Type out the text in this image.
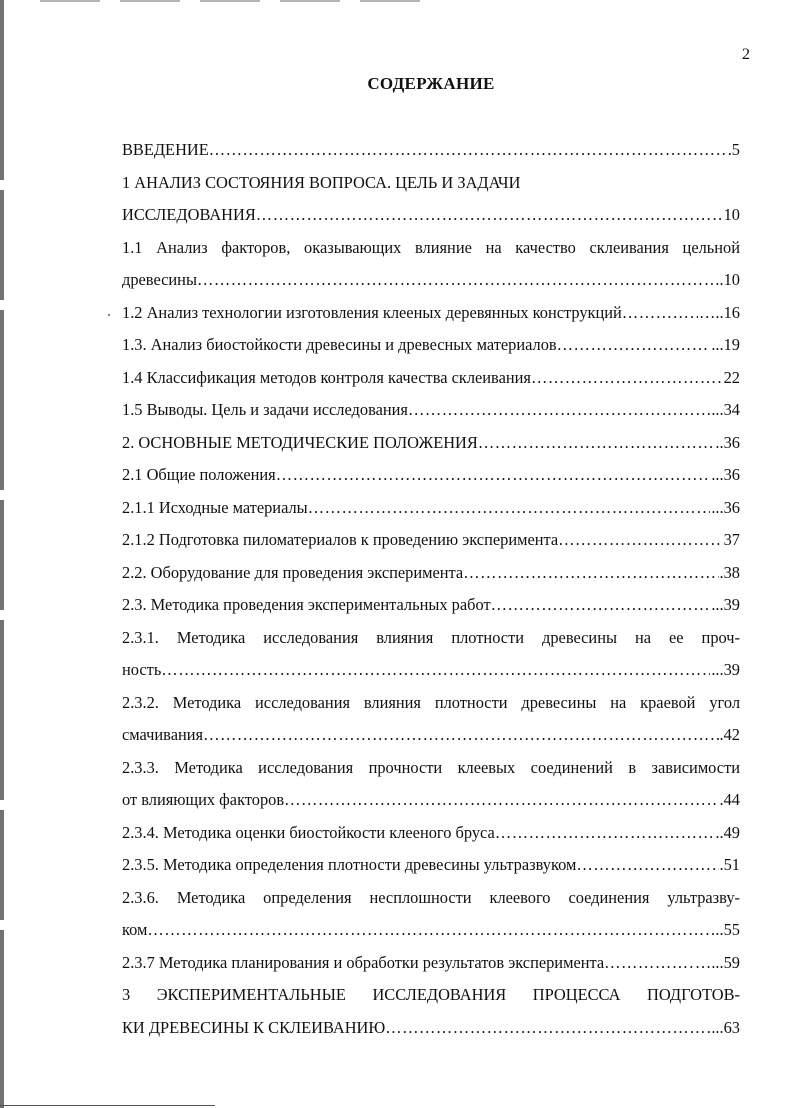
2
СОДЕРЖАНИЕ
ВВЕДЕНИЕ ……………………………………………………………………………………………………………………………………………………………………	.5
1 АНАЛИЗ СОСТОЯНИЯ ВОПРОСА. ЦЕЛЬ И ЗАДАЧИ
ИССЛЕДОВАНИЯ ……………………………………………………………………………………………………………………………………………………………………	10
1.1 Анализ факторов, оказывающих влияние на качество склеивания цельной
древесины ……………………………………………………………………………………………………………………………………………………………………	..10
1.2 Анализ технологии изготовления клееных деревянных конструкций ……………………………………………………………………………………………………………………………………………………………………	…..16
1.3. Анализ биостойкости древесины и древесных материалов ……………………………………………………………………………………………………………………………………………………………………	...19
1.4 Классификация методов контроля качества склеивания ……………………………………………………………………………………………………………………………………………………………………	22
1.5 Выводы. Цель и задачи исследования ……………………………………………………………………………………………………………………………………………………………………	...34
2. ОСНОВНЫЕ МЕТОДИЧЕСКИЕ ПОЛОЖЕНИЯ ……………………………………………………………………………………………………………………………………………………………………	..36
2.1 Общие положения ……………………………………………………………………………………………………………………………………………………………………	...36
2.1.1 Исходные материалы ……………………………………………………………………………………………………………………………………………………………………	...36
2.1.2 Подготовка пиломатериалов к проведению эксперимента ……………………………………………………………………………………………………………………………………………………………………	37
2.2. Оборудование для проведения эксперимента ……………………………………………………………………………………………………………………………………………………………………	.38
2.3. Методика проведения экспериментальных работ ……………………………………………………………………………………………………………………………………………………………………	...39
2.3.1. Методика исследования влияния плотности древесины на ее проч-
ность ……………………………………………………………………………………………………………………………………………………………………	...39
2.3.2. Методика исследования влияния плотности древесины на краевой угол
смачивания ……………………………………………………………………………………………………………………………………………………………………	.42
2.3.3. Методика исследования прочности клеевых соединений в зависимости
от влияющих факторов ……………………………………………………………………………………………………………………………………………………………………	.44
2.3.4. Методика оценки биостойкости клееного бруса ……………………………………………………………………………………………………………………………………………………………………	..49
2.3.5. Методика определения плотности древесины ультразвуком ……………………………………………………………………………………………………………………………………………………………………	.51
2.3.6. Методика определения несплошности клеевого соединения ультразву-
ком ……………………………………………………………………………………………………………………………………………………………………	..55
2.3.7 Методика планирования и обработки результатов эксперимента ……………………………………………………………………………………………………………………………………………………………………	…...59
3 ЭКСПЕРИМЕНТАЛЬНЫЕ ИССЛЕДОВАНИЯ ПРОЦЕССА ПОДГОТОВ-
КИ ДРЕВЕСИНЫ К СКЛЕИВАНИЮ ……………………………………………………………………………………………………………………………………………………………………	...63
